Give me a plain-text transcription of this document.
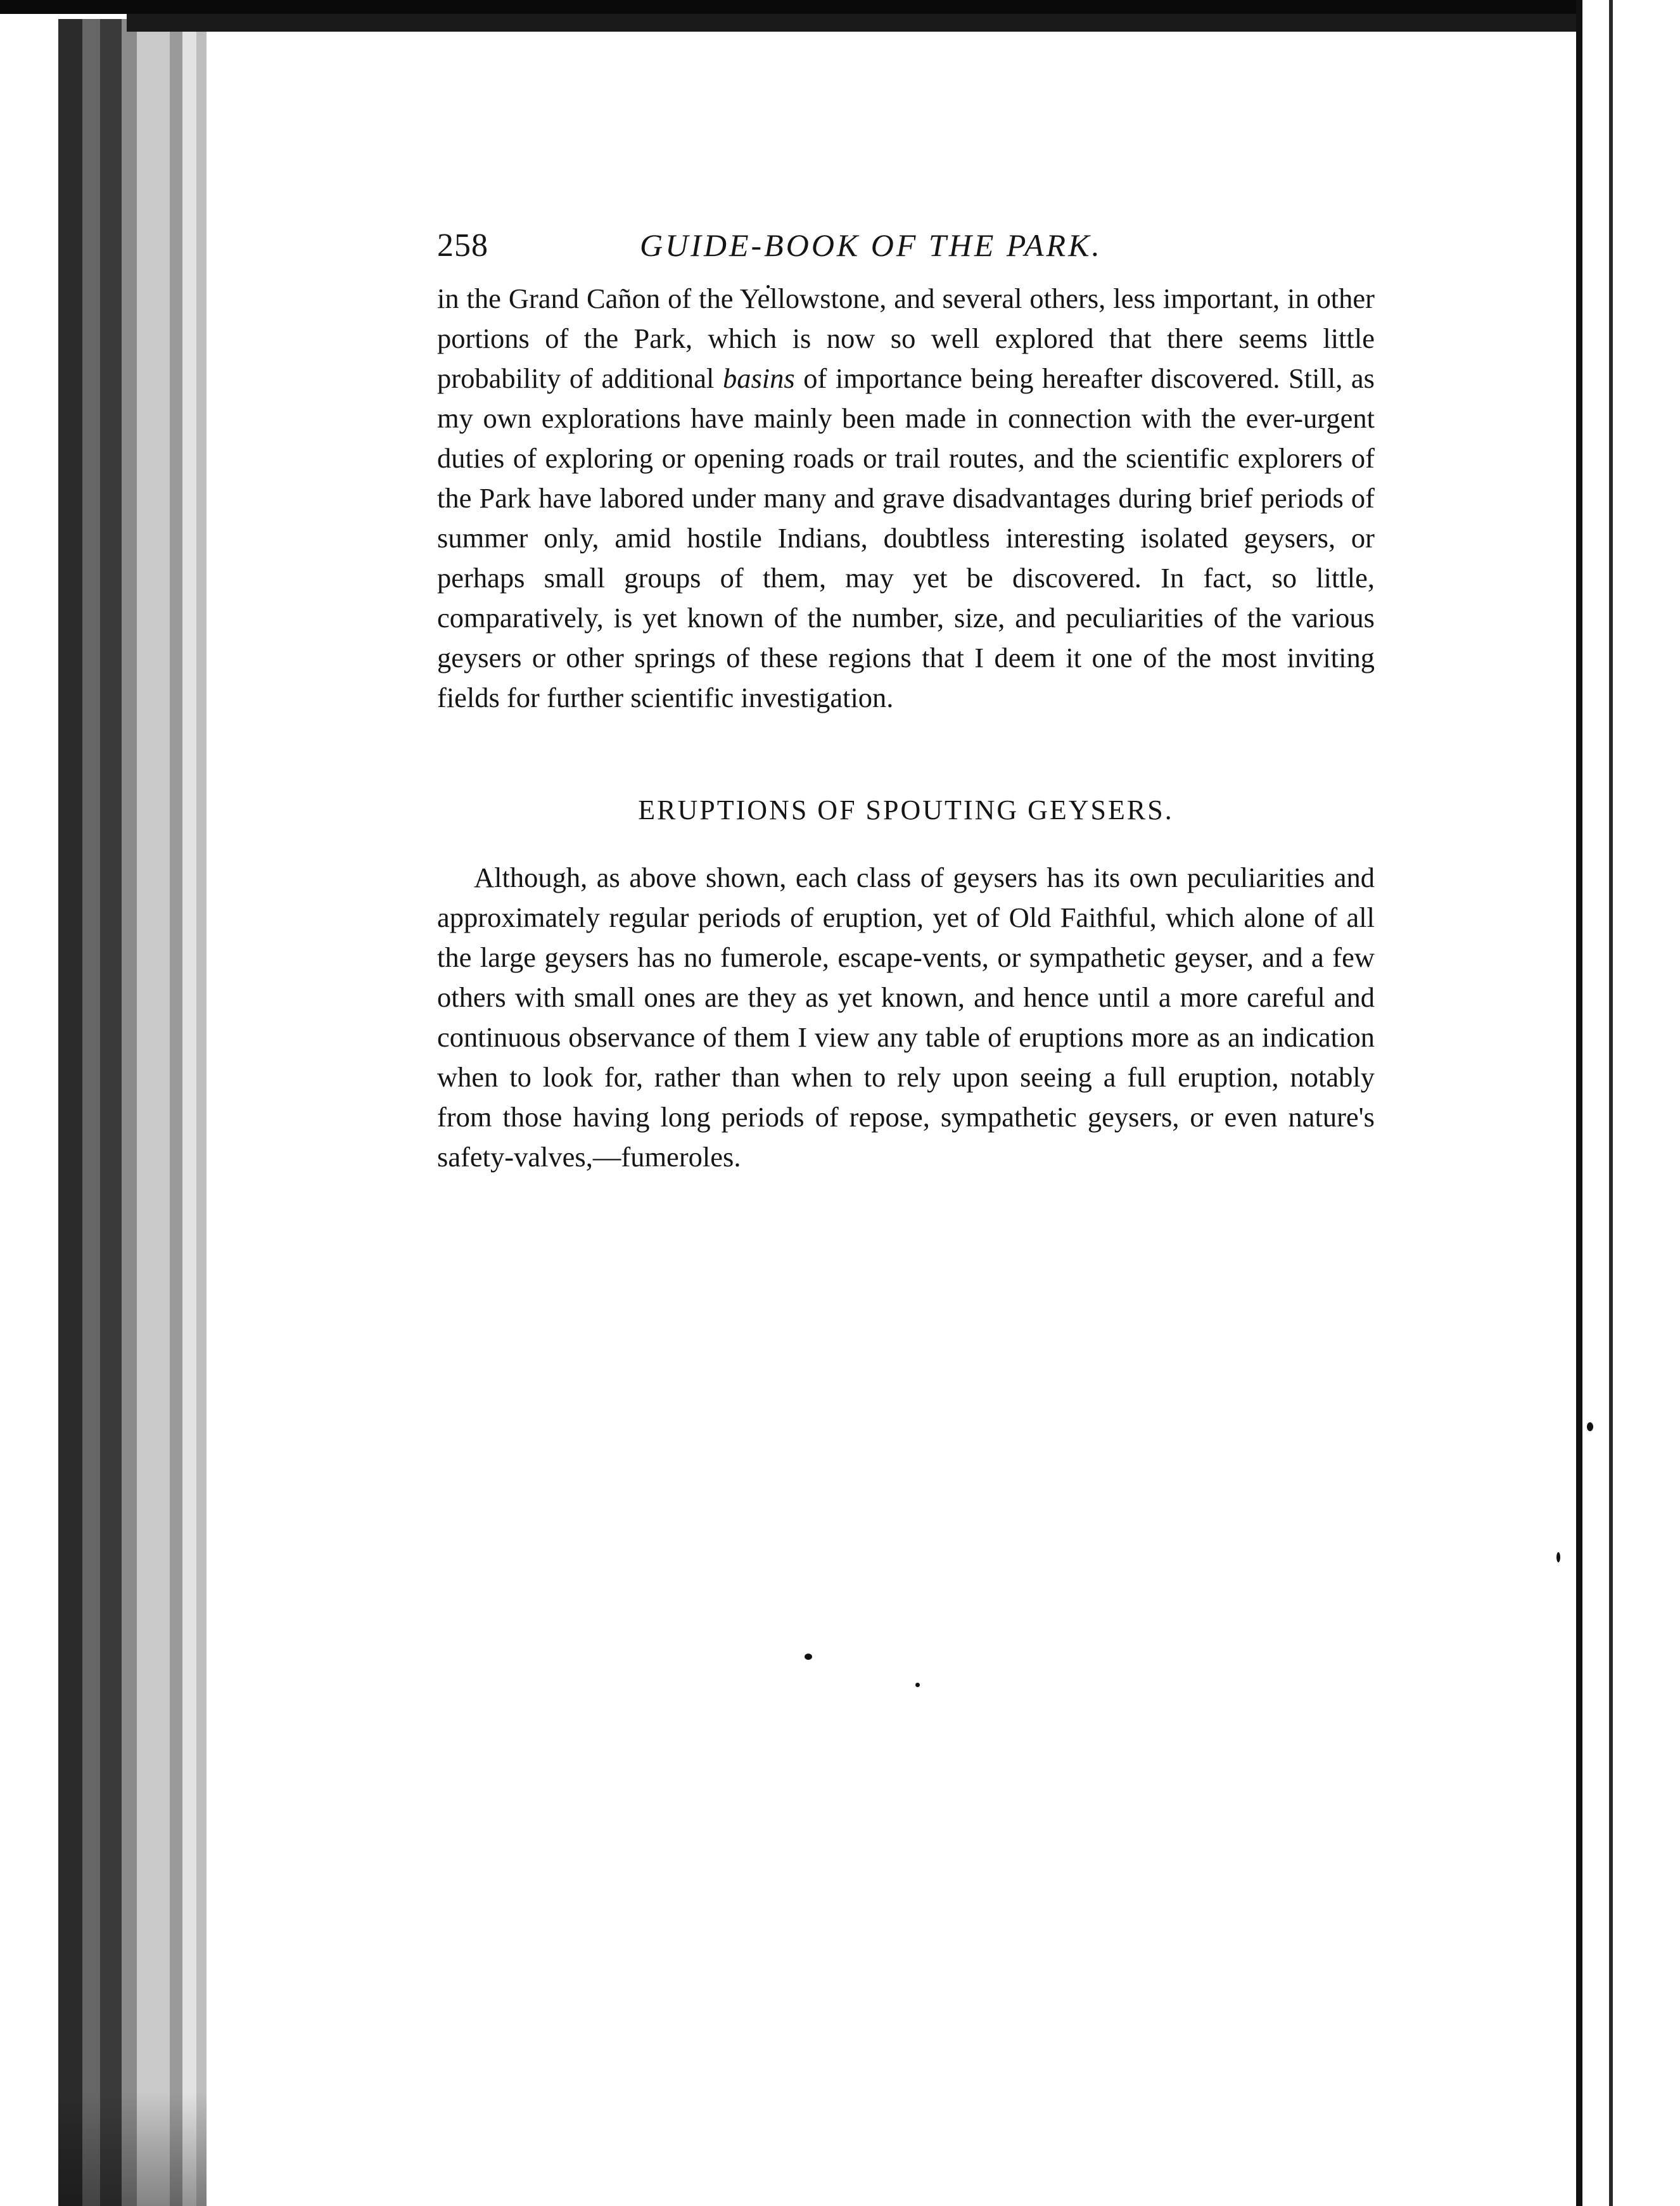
258	GUIDE-BOOK OF THE PARK.

in the Grand Cañon of the Yellowstone, and several others, less important, in other portions of the Park, which is now so well explored that there seems little probability of additional basins of importance being hereafter discovered. Still, as my own explorations have mainly been made in connection with the ever-urgent duties of exploring or opening roads or trail routes, and the scientific explorers of the Park have labored under many and grave disadvantages during brief periods of summer only, amid hostile Indians, doubtless interesting isolated geysers, or perhaps small groups of them, may yet be discovered. In fact, so little, comparatively, is yet known of the number, size, and peculiarities of the various geysers or other springs of these regions that I deem it one of the most inviting fields for further scientific investigation.

ERUPTIONS OF SPOUTING GEYSERS.

Although, as above shown, each class of geysers has its own peculiarities and approximately regular periods of eruption, yet of Old Faithful, which alone of all the large geysers has no fumerole, escape-vents, or sympathetic geyser, and a few others with small ones are they as yet known, and hence until a more careful and continuous observance of them I view any table of eruptions more as an indication when to look for, rather than when to rely upon seeing a full eruption, notably from those having long periods of repose, sympathetic geysers, or even nature's safety-valves,—fumeroles.
